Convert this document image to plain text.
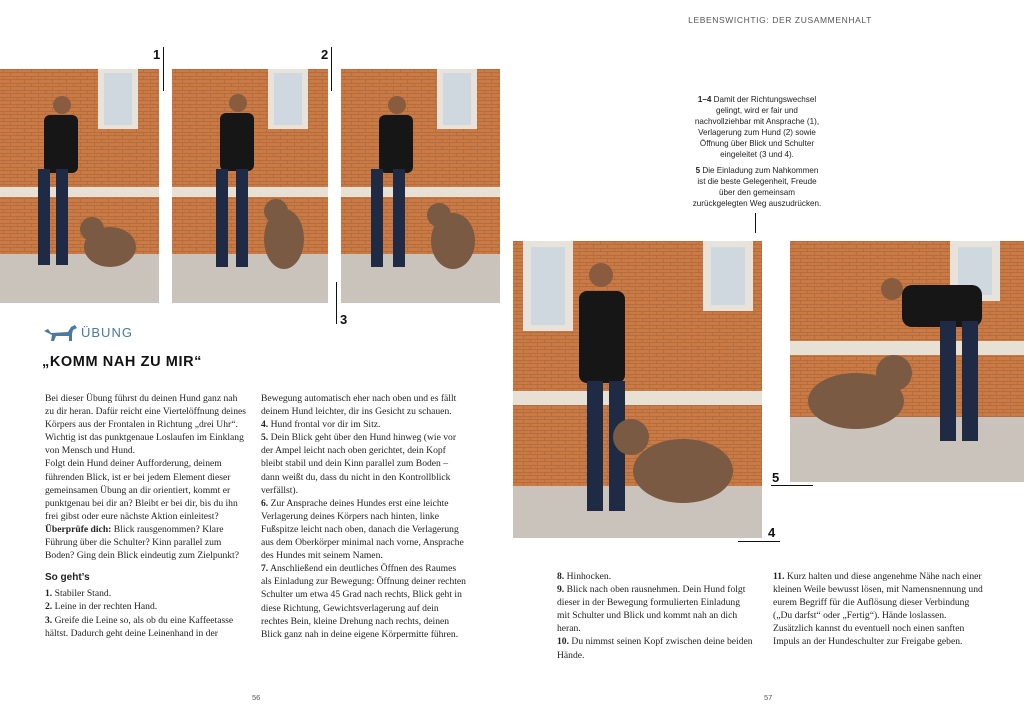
LEBENSWICHTIG: DER ZUSAMMENHALT
1	2
3
4
5

1–4 Damit der Richtungswechsel gelingt, wird er fair und nachvollziehbar mit Ansprache (1), Verlagerung zum Hund (2) sowie Öffnung über Blick und Schulter eingeleitet (3 und 4).

5 Die Einladung zum Nahkommen ist die beste Gelegenheit, Freude über den gemeinsam zurückgelegten Weg auszudrücken.

ÜBUNG
„KOMM NAH ZU MIR“

Bei dieser Übung führst du deinen Hund ganz nah zu dir heran. Dafür reicht eine Viertelöffnung deines Körpers aus der Frontalen in Richtung „drei Uhr“. Wichtig ist das punktgenaue Loslaufen im Einklang von Mensch und Hund.

Folgt dein Hund deiner Aufforderung, deinem führenden Blick, ist er bei jedem Element dieser gemeinsamen Übung an dir orientiert, kommt er punktgenau bei dir an? Bleibt er bei dir, bis du ihn frei gibst oder eure nächste Aktion einleitest?

Überprüfe dich: Blick rausgenommen? Klare Führung über die Schulter? Kinn parallel zum Boden? Ging dein Blick eindeutig zum Zielpunkt?

So geht’s

1. Stabiler Stand.
2. Leine in der rechten Hand.
3. Greife die Leine so, als ob du eine Kaffeetasse hältst. Dadurch geht deine Leinenhand in der

Bewegung automatisch eher nach oben und es fällt deinem Hund leichter, dir ins Gesicht zu schauen.

4. Hund frontal vor dir im Sitz.
5. Dein Blick geht über den Hund hinweg (wie vor der Ampel leicht nach oben gerichtet, dein Kopf bleibt stabil und dein Kinn parallel zum Boden – dann weißt du, dass du nicht in den Kontrollblick verfällst).
6. Zur Ansprache deines Hundes erst eine leichte Verlagerung deines Körpers nach hinten, linke Fußspitze leicht nach oben, danach die Verlagerung aus dem Oberkörper minimal nach vorne, Ansprache des Hundes mit seinem Namen.
7. Anschließend ein deutliches Öffnen des Raumes als Einladung zur Bewegung: Öffnung deiner rechten Schulter um etwa 45 Grad nach rechts, Blick geht in diese Richtung, Gewichtsverlagerung auf dein rechtes Bein, kleine Drehung nach rechts, deinen Blick ganz nah in deine eigene Körpermitte führen.
8. Hinhocken.
9. Blick nach oben rausnehmen. Dein Hund folgt dieser in der Bewegung formulierten Einladung mit Schulter und Blick und kommt nah an dich heran.
10. Du nimmst seinen Kopf zwischen deine beiden Hände.
11. Kurz halten und diese angenehme Nähe nach einer kleinen Weile bewusst lösen, mit Namensnennung und eurem Begriff für die Auflösung dieser Verbindung („Du darfst“ oder „Fertig“). Hände loslassen. Zusätzlich kannst du eventuell noch einen sanften Impuls an der Hundeschulter zur Freigabe geben.
56	57
